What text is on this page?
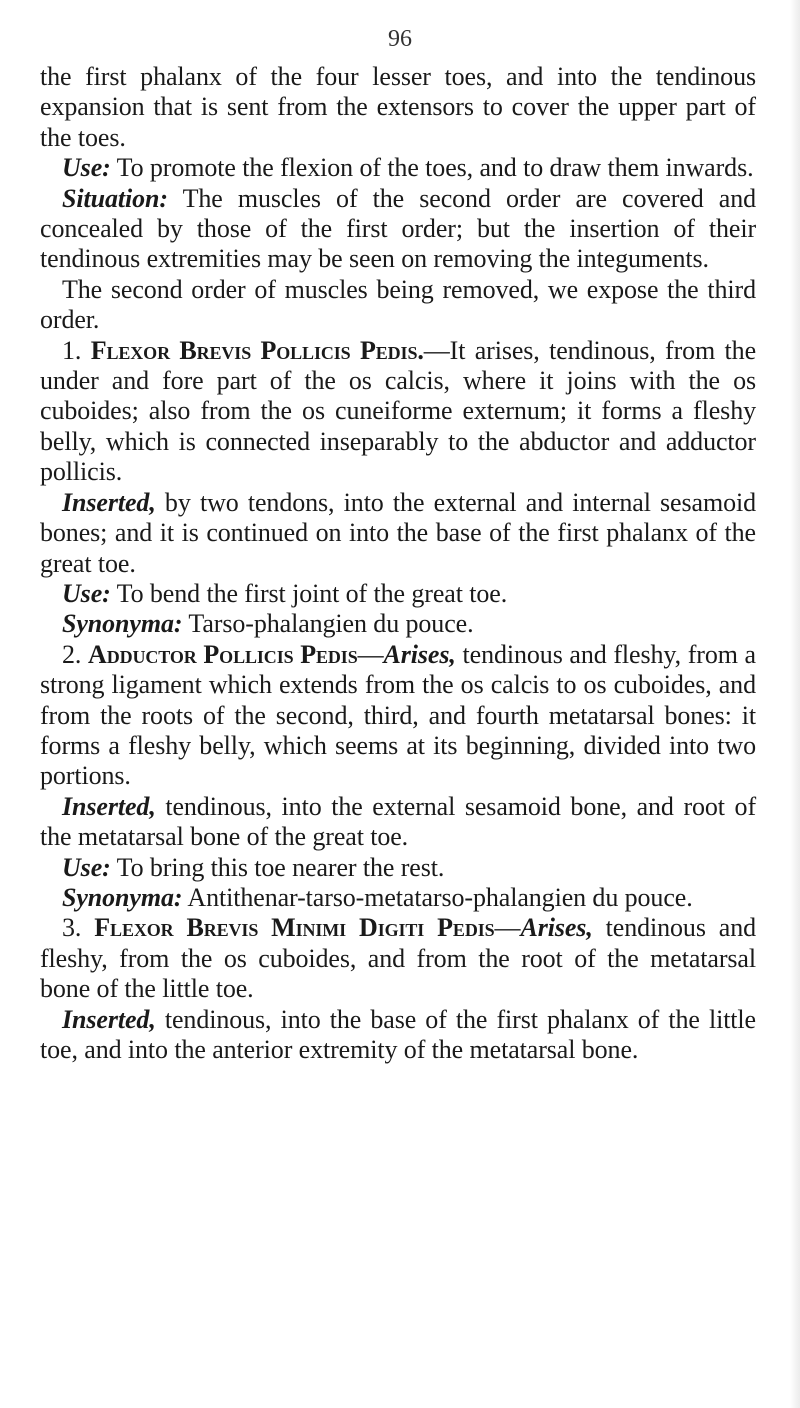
96

the first phalanx of the four lesser toes, and into the tendinous expansion that is sent from the extensors to cover the upper part of the toes.

Use: To promote the flexion of the toes, and to draw them inwards.

Situation: The muscles of the second order are covered and concealed by those of the first order; but the insertion of their tendinous extremities may be seen on removing the integuments.

The second order of muscles being removed, we expose the third order.

1. Flexor Brevis Pollicis Pedis.—It arises, tendinous, from the under and fore part of the os calcis, where it joins with the os cuboides; also from the os cuneiforme externum; it forms a fleshy belly, which is connected inseparably to the abductor and adductor pollicis.

Inserted, by two tendons, into the external and internal sesamoid bones; and it is continued on into the base of the first phalanx of the great toe.

Use: To bend the first joint of the great toe.

Synonyma: Tarso-phalangien du pouce.

2. Adductor Pollicis Pedis—Arises, tendinous and fleshy, from a strong ligament which extends from the os calcis to os cuboides, and from the roots of the second, third, and fourth metatarsal bones: it forms a fleshy belly, which seems at its beginning, divided into two portions.

Inserted, tendinous, into the external sesamoid bone, and root of the metatarsal bone of the great toe.

Use: To bring this toe nearer the rest.

Synonyma: Antithenar-tarso-metatarso-phalangien du pouce.

3. Flexor Brevis Minimi Digiti Pedis—Arises, tendinous and fleshy, from the os cuboides, and from the root of the metatarsal bone of the little toe.

Inserted, tendinous, into the base of the first phalanx of the little toe, and into the anterior extremity of the metatarsal bone.
